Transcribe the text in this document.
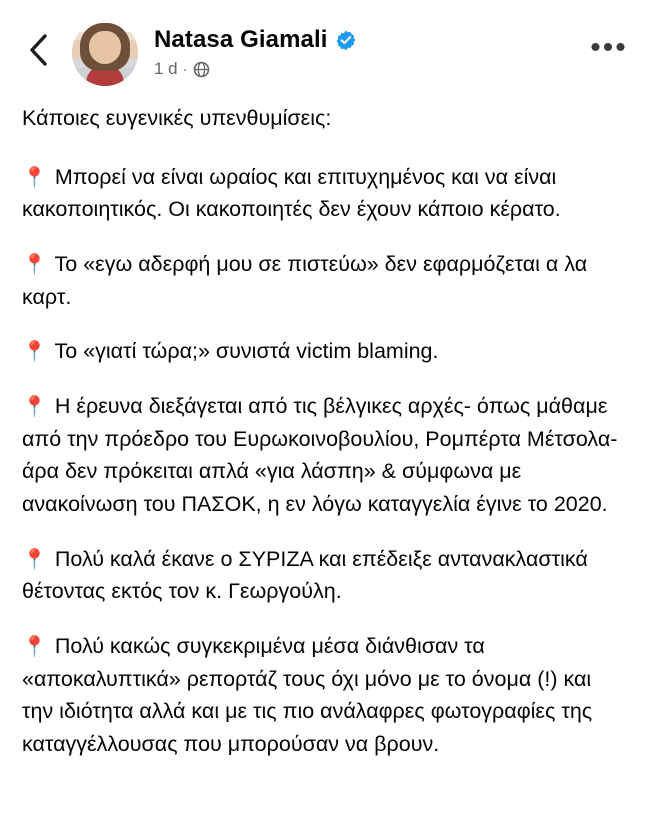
Natasa Giamali
1 d ·
•••

Κάποιες ευγενικές υπενθυμίσεις:

📍 Μπορεί να είναι ωραίος και επιτυχημένος και να είναι κακοποιητικός. Οι κακοποιητές δεν έχουν κάποιο κέρατο.

📍 Το «εγω αδερφή μου σε πιστεύω» δεν εφαρμόζεται α λα καρτ.

📍 Το «γιατί τώρα;» συνιστά victim blaming.

📍 Η έρευνα διεξάγεται από τις βέλγικες αρχές- όπως μάθαμε από την πρόεδρο του Ευρωκοινοβουλίου, Ρομπέρτα Μέτσολα- άρα δεν πρόκειται απλά «για λάσπη» & σύμφωνα με ανακοίνωση του ΠΑΣΟΚ, η εν λόγω καταγγελία έγινε το 2020.

📍 Πολύ καλά έκανε ο ΣΥΡΙΖΑ και επέδειξε αντανακλαστικά θέτοντας εκτός τον κ. Γεωργούλη.

📍 Πολύ κακώς συγκεκριμένα μέσα διάνθισαν τα «αποκαλυπτικά» ρεπορτάζ τους όχι μόνο με το όνομα (!) και την ιδιότητα αλλά και με τις πιο ανάλαφρες φωτογραφίες της καταγγέλλουσας που μπορούσαν να βρουν.
